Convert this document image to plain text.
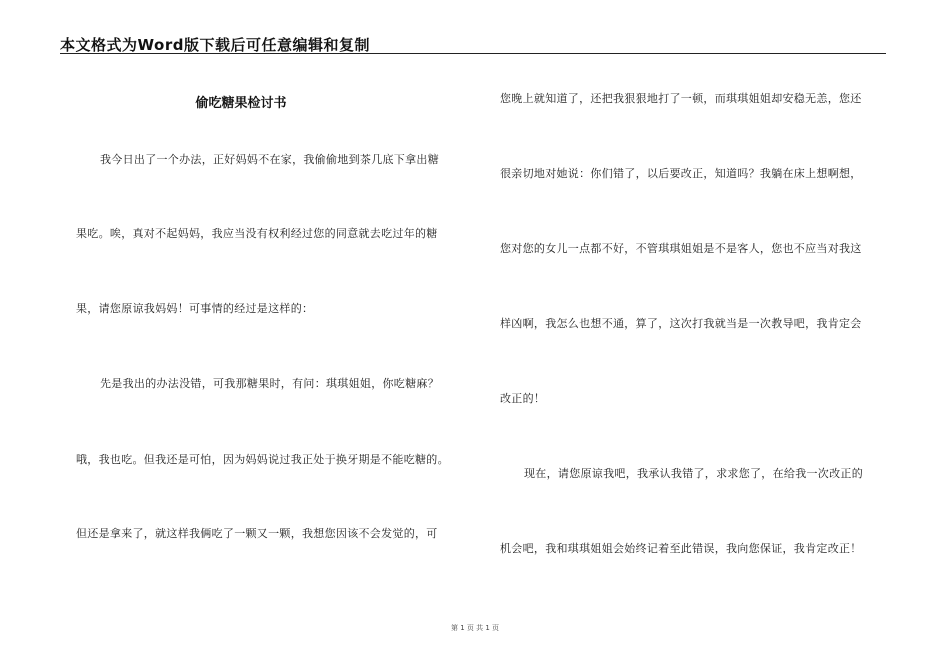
本文格式为Word版下载后可任意编辑和复制
偷吃糖果检讨书
我今日出了一个办法，正好妈妈不在家，我偷偷地到茶几底下拿出糖
果吃。唉，真对不起妈妈，我应当没有权利经过您的同意就去吃过年的糖
果，请您原谅我妈妈！可事情的经过是这样的：
先是我出的办法没错，可我那糖果时，有问：琪琪姐姐，你吃糖麻？
哦，我也吃。但我还是可怕，因为妈妈说过我正处于换牙期是不能吃糖的。
但还是拿来了，就这样我俩吃了一颗又一颗，我想您因该不会发觉的，可
您晚上就知道了，还把我狠狠地打了一顿，而琪琪姐姐却安稳无恙，您还
很亲切地对她说：你们错了，以后要改正，知道吗？我躺在床上想啊想，
您对您的女儿一点都不好，不管琪琪姐姐是不是客人，您也不应当对我这
样凶啊，我怎么也想不通，算了，这次打我就当是一次教导吧，我肯定会
改正的！
现在，请您原谅我吧，我承认我错了，求求您了，在给我一次改正的
机会吧，我和琪琪姐姐会始终记着至此错误，我向您保证，我肯定改正！
第 1 页 共 1 页
